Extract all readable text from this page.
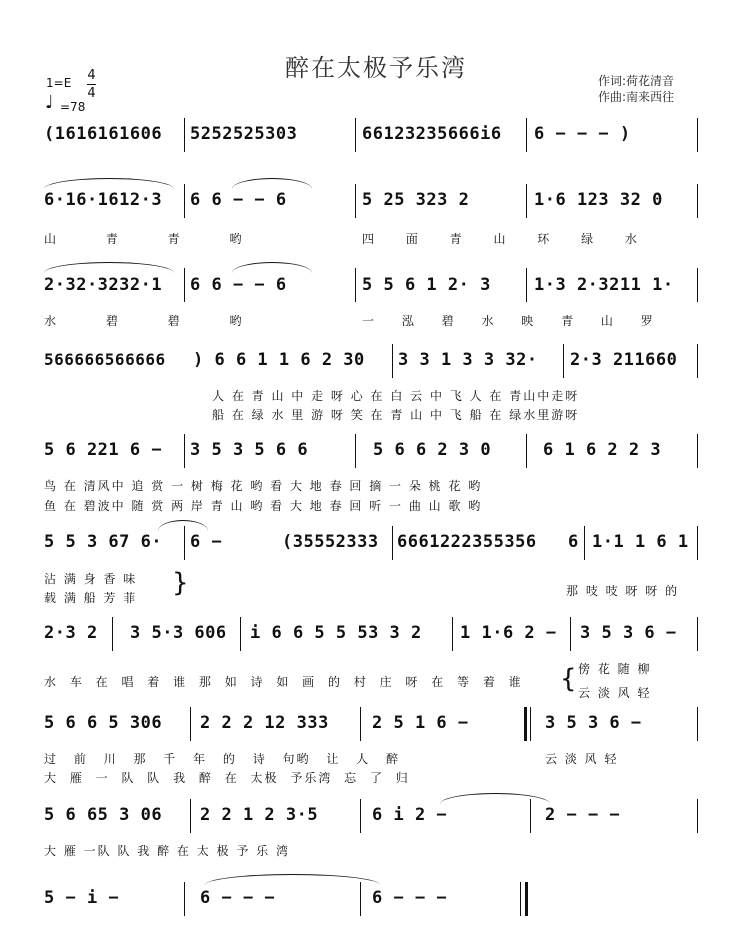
醉在太极予乐湾	作词:荷花清音
作曲:南来西往
1=E 4
4
♩ =78
(1616161606 5252525303	66123235666i6 6 − − − )
6·16·1612·3 6 6 − − 6	5 25 323 2	1·6 123 32 0
山 青 青 哟	四 面 青 山 环 绿 水
2·32·3232·1 6 6 − − 6	5 5 6 1 2· 3	1·3 2·3211 1·
水 碧 碧 哟	一 泓 碧 水 映 青 山 罗
566666566666 ) 6 6 1 1 6 2 30 3 3 1 3 3 32· 2·3 211660
人 在 青 山 中 走 呀 心 在 白 云 中 飞 人 在 青山中走呀
船 在 绿 水 里 游 呀 笑 在 青 山 中 飞 船 在 绿水里游呀
5 6 221 6 − 3 5 3 5 6 6	5 6 6 2 3 0	6 1 6 2 2 3
鸟 在 清风中 追 赏 一 树 梅 花 哟 看 大 地 春 回 摘 一 朵 桃 花 哟
鱼 在 碧波中 随 赏 两 岸 青 山 哟 看 大 地 春 回 听 一 曲 山 歌 哟
5 5 3 67 6· 6 −	(35552333 6661222355356 6 1·1 1 6 1
沾 满 身 香 味
载 满 船 芳 菲 }	那 吱 吱 呀 呀 的
2·3 2 3 5·3 606 i 6 6 5 5 53 3 2 1 1·6 2 − 3 5 3 6 −
水 车 在 唱 着 谁 那 如 诗 如 画 的 村 庄 呀 在 等 着 谁 { 傍 花 随 柳
云 淡 风 轻
5 6 6 5 306 2 2 2 12 333	2 5 1 6 −	3 5 3 6 −
过 前 川 那 千 年 的 诗 句哟 让 人 醉
大 雁 一 队 队 我 醉 在 太极 予乐湾 忘 了 归
云 淡 风 轻
5 6 65 3 06 2 2 1 2 3·5	6 i 2 −	2 − − −
大 雁 一队 队 我 醉 在 太 极 予 乐 湾
5 − i −	6 − − −	6 − − −
